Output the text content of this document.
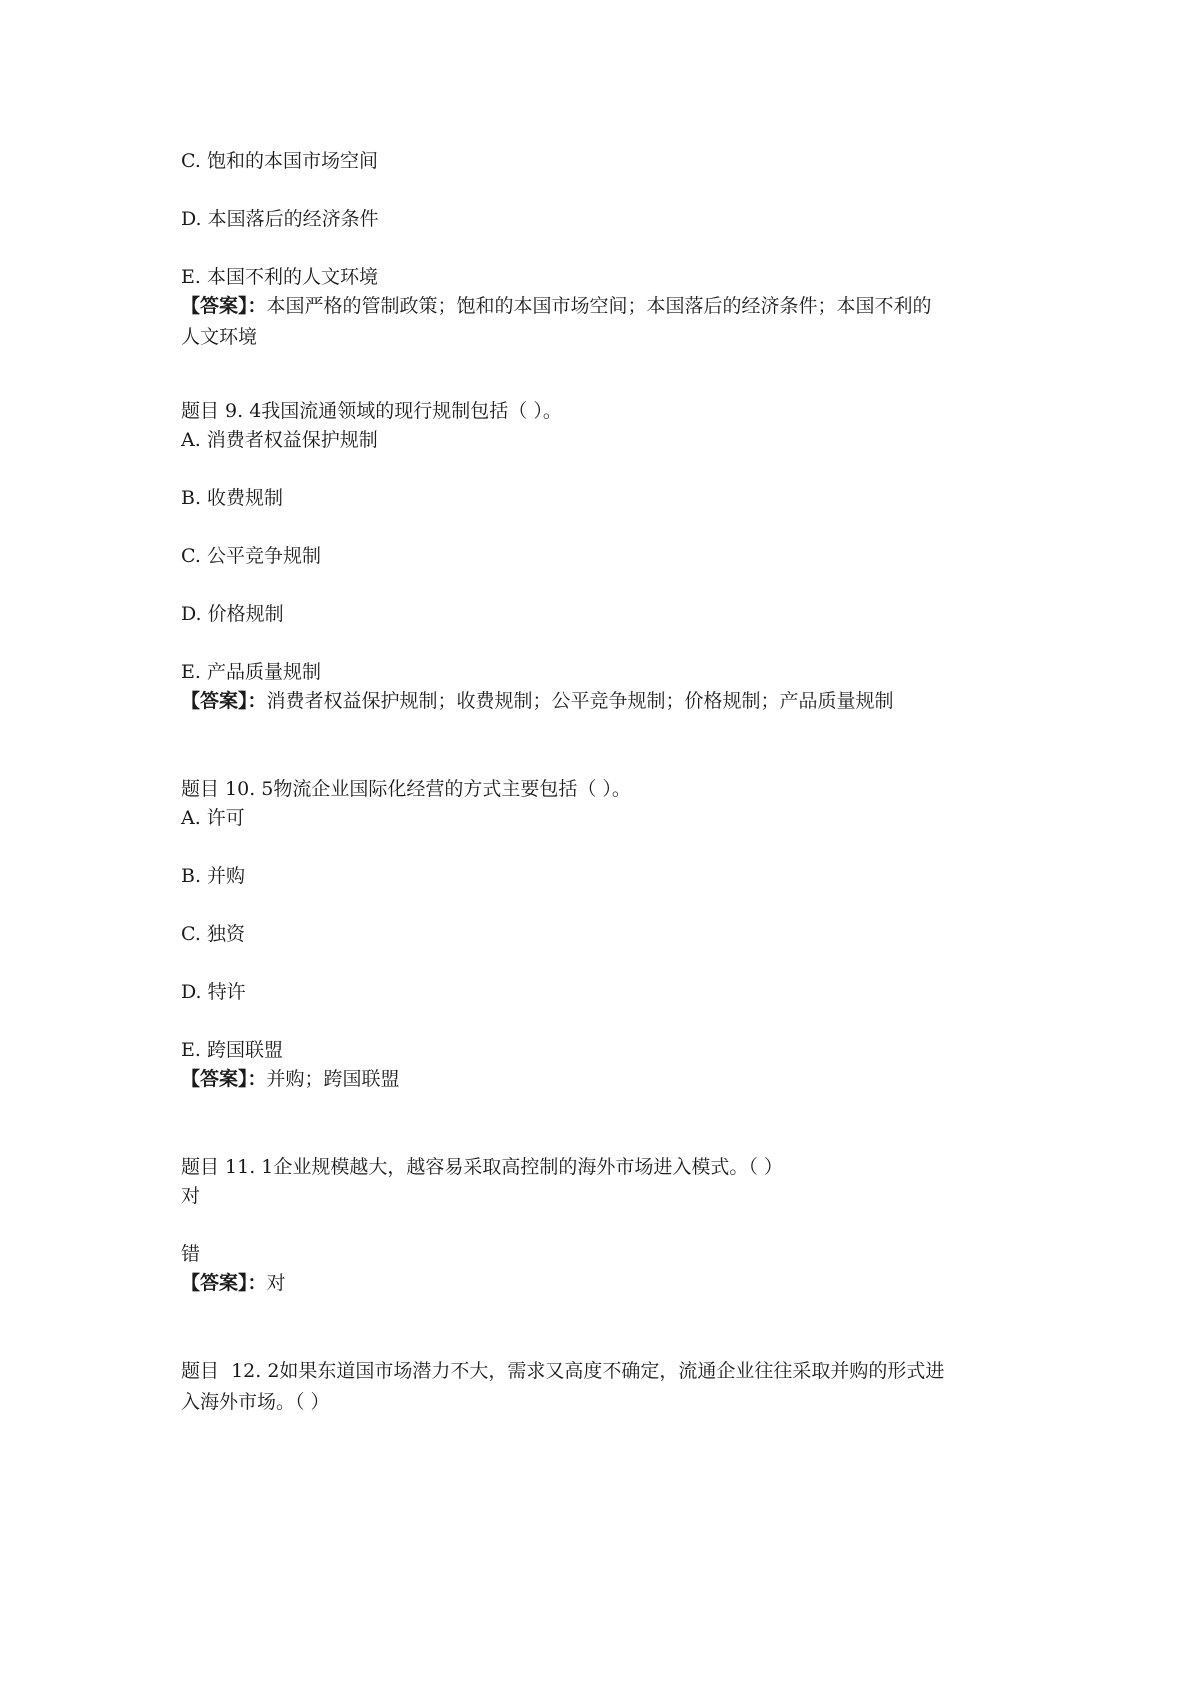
C. 饱和的本国市场空间
D. 本国落后的经济条件
E. 本国不利的人文环境
【答案】：本国严格的管制政策；饱和的本国市场空间；本国落后的经济条件；本国不利的
人文环境
题目 9. 4我国流通领域的现行规制包括（ ）。
A. 消费者权益保护规制
B. 收费规制
C. 公平竞争规制
D. 价格规制
E. 产品质量规制
【答案】：消费者权益保护规制；收费规制；公平竞争规制；价格规制；产品质量规制
题目 10. 5物流企业国际化经营的方式主要包括（ ）。
A. 许可
B. 并购
C. 独资
D. 特许
E. 跨国联盟
【答案】：并购；跨国联盟
题目 11. 1企业规模越大，越容易采取高控制的海外市场进入模式。（ ）
对
错
【答案】：对
题目  12. 2如果东道国市场潜力不大，需求又高度不确定，流通企业往往采取并购的形式进
入海外市场。（ ）
